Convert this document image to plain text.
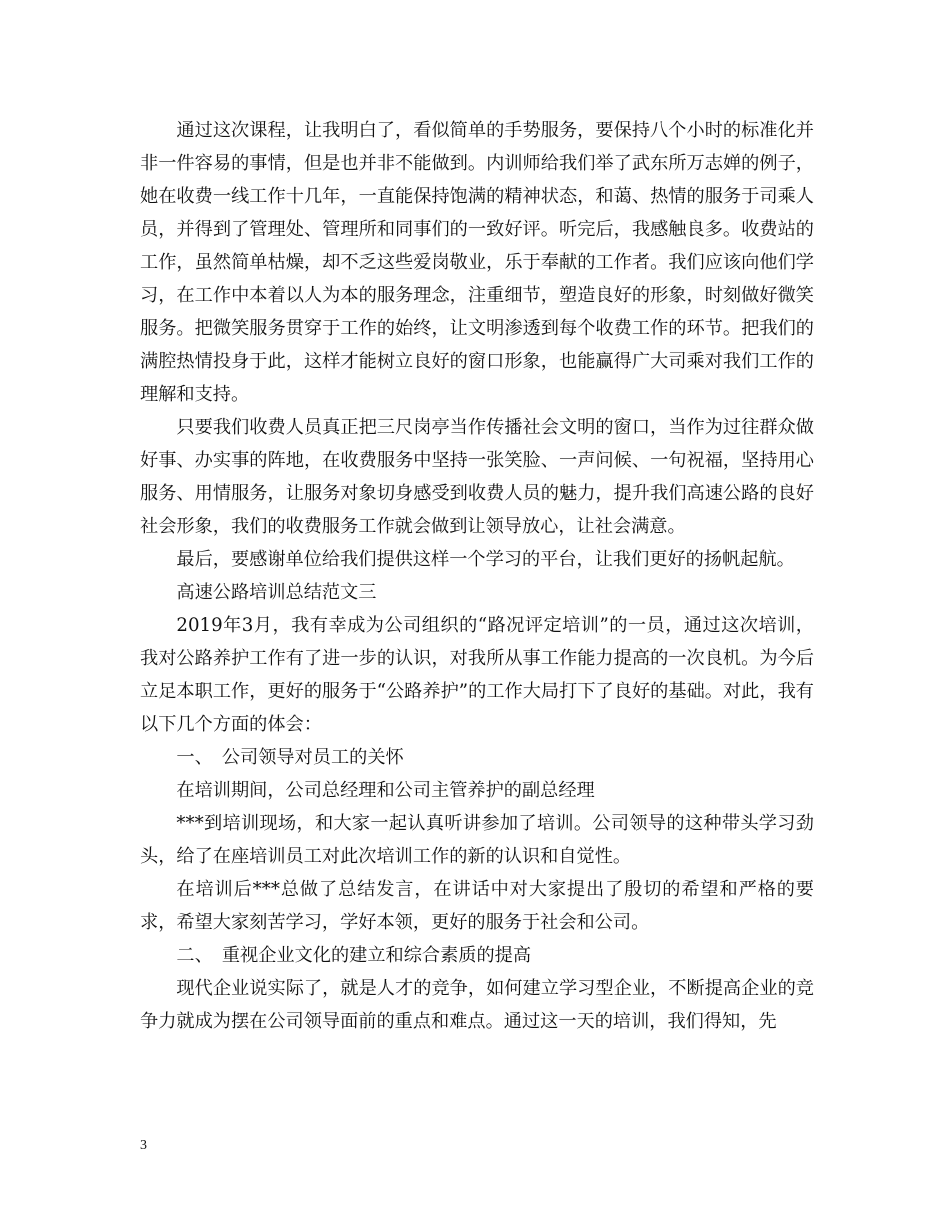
通过这次课程，让我明白了，看似简单的手势服务，要保持八个小时的标准化并非一件容易的事情，但是也并非不能做到。内训师给我们举了武东所万志婵的例子，她在收费一线工作十几年，一直能保持饱满的精神状态，和蔼、热情的服务于司乘人员，并得到了管理处、管理所和同事们的一致好评。听完后，我感触良多。收费站的工作，虽然简单枯燥，却不乏这些爱岗敬业，乐于奉献的工作者。我们应该向他们学习，在工作中本着以人为本的服务理念，注重细节，塑造良好的形象，时刻做好微笑服务。把微笑服务贯穿于工作的始终，让文明渗透到每个收费工作的环节。把我们的满腔热情投身于此，这样才能树立良好的窗口形象，也能赢得广大司乘对我们工作的理解和支持。

只要我们收费人员真正把三尺岗亭当作传播社会文明的窗口，当作为过往群众做好事、办实事的阵地，在收费服务中坚持一张笑脸、一声问候、一句祝福，坚持用心服务、用情服务，让服务对象切身感受到收费人员的魅力，提升我们高速公路的良好社会形象，我们的收费服务工作就会做到让领导放心，让社会满意。

最后，要感谢单位给我们提供这样一个学习的平台，让我们更好的扬帆起航。

高速公路培训总结范文三

2019年3月，我有幸成为公司组织的“路况评定培训”的一员，通过这次培训，我对公路养护工作有了进一步的认识，对我所从事工作能力提高的一次良机。为今后立足本职工作，更好的服务于“公路养护”的工作大局打下了良好的基础。对此，我有以下几个方面的体会：

一、　公司领导对员工的关怀

在培训期间，公司总经理和公司主管养护的副总经理

***到培训现场，和大家一起认真听讲参加了培训。公司领导的这种带头学习劲头，给了在座培训员工对此次培训工作的新的认识和自觉性。

在培训后***总做了总结发言，在讲话中对大家提出了殷切的希望和严格的要求，希望大家刻苦学习，学好本领，更好的服务于社会和公司。

二、　重视企业文化的建立和综合素质的提高

现代企业说实际了，就是人才的竞争，如何建立学习型企业，不断提高企业的竞争力就成为摆在公司领导面前的重点和难点。通过这一天的培训，我们得知，先

3
